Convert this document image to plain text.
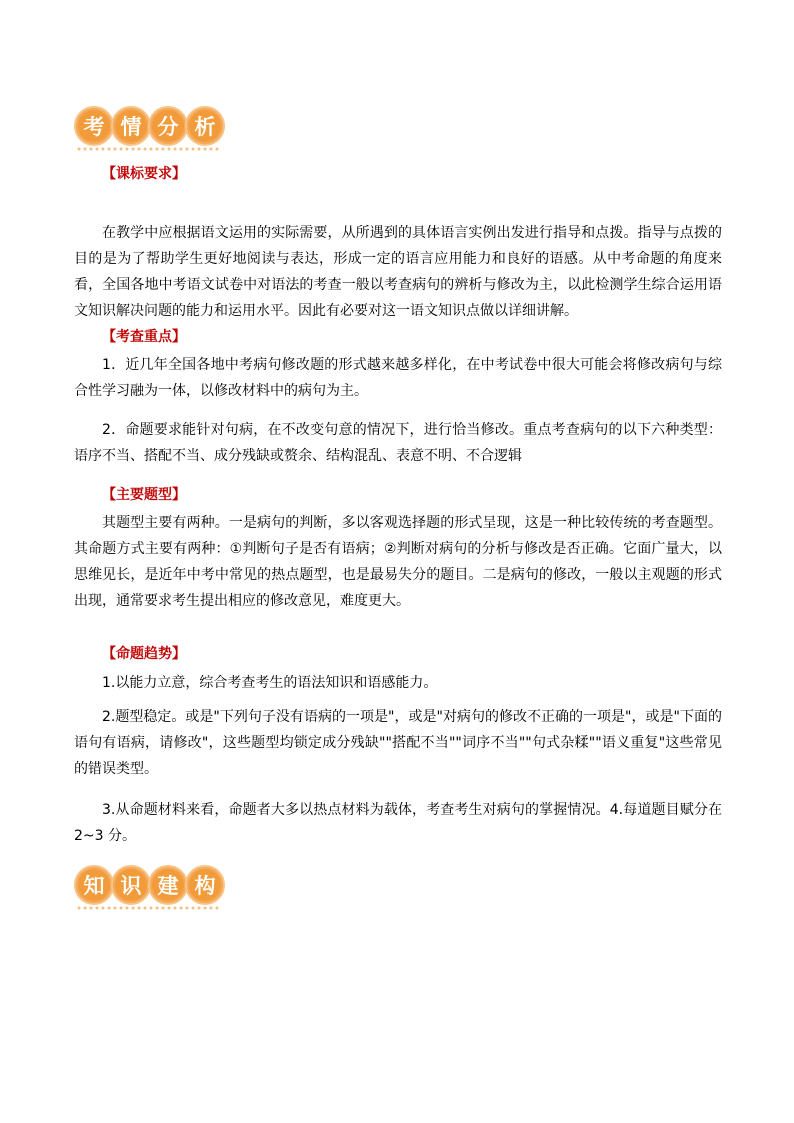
考 情 分 析
【课标要求】
在教学中应根据语文运用的实际需要，从所遇到的具体语言实例出发进行指导和点拨。指导与点拨的目的是为了帮助学生更好地阅读与表达，形成一定的语言应用能力和良好的语感。从中考命题的角度来看，全国各地中考语文试卷中对语法的考查一般以考查病句的辨析与修改为主，以此检测学生综合运用语文知识解决问题的能力和运用水平。因此有必要对这一语文知识点做以详细讲解。
【考查重点】
1．近几年全国各地中考病句修改题的形式越来越多样化，在中考试卷中很大可能会将修改病句与综合性学习融为一体，以修改材料中的病句为主。
2．命题要求能针对句病，在不改变句意的情况下，进行恰当修改。重点考查病句的以下六种类型：语序不当、搭配不当、成分残缺或赘余、结构混乱、表意不明、不合逻辑
【主要题型】
其题型主要有两种。一是病句的判断，多以客观选择题的形式呈现，这是一种比较传统的考查题型。其命题方式主要有两种：①判断句子是否有语病；②判断对病句的分析与修改是否正确。它面广量大，以思维见长，是近年中考中常见的热点题型，也是最易失分的题目。二是病句的修改，一般以主观题的形式出现，通常要求考生提出相应的修改意见，难度更大。
【命题趋势】
1.以能力立意，综合考查考生的语法知识和语感能力。
2.题型稳定。或是"下列句子没有语病的一项是"，或是"对病句的修改不正确的一项是"，或是"下面的语句有语病，请修改"，这些题型均锁定成分残缺""搭配不当""词序不当""句式杂糅""语义重复"这些常见的错误类型。
3.从命题材料来看，命题者大多以热点材料为载体，考查考生对病句的掌握情况。4.每道题目赋分在 2~3 分。
知 识 建 构
